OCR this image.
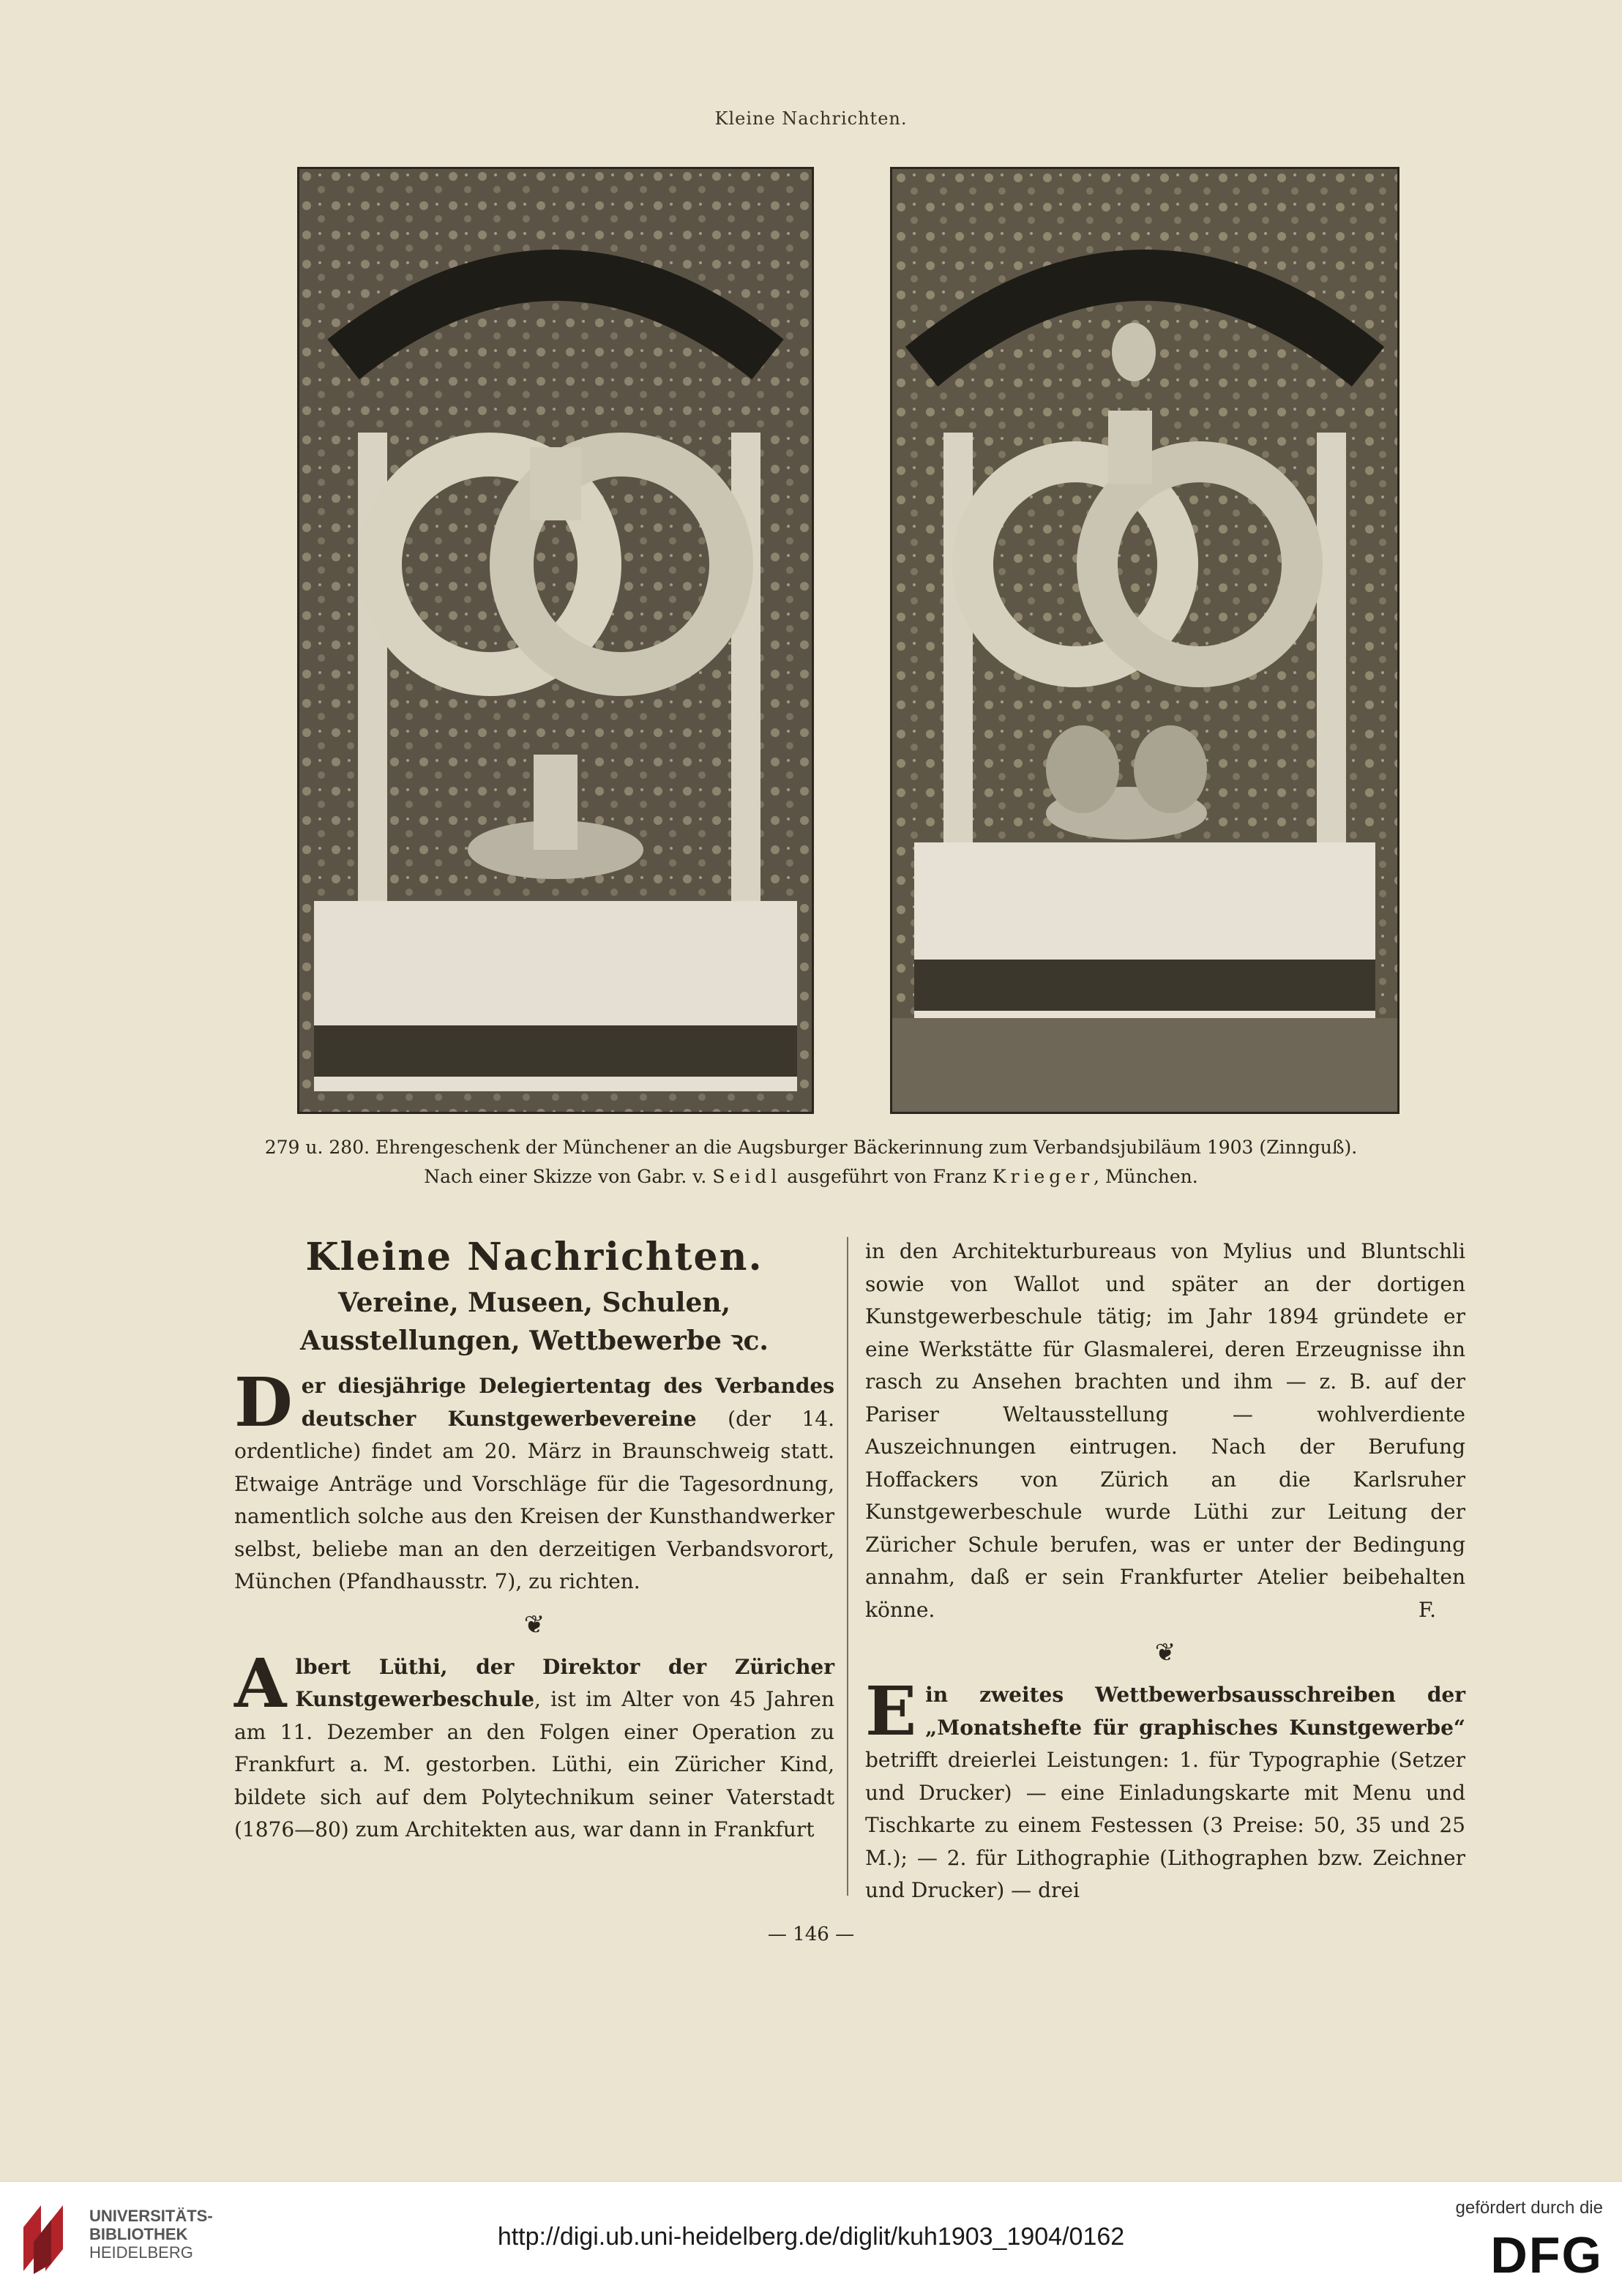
Kleine Nachrichten.
279 u. 280. Ehrengeschenk der Münchener an die Augsburger Bäckerinnung zum Verbandsjubiläum 1903 (Zinnguß).
Nach einer Skizze von Gabr. v. Seidl ausgeführt von Franz Krieger, München.
Kleine Nachrichten.
Vereine, Museen, Schulen, Ausstellungen, Wettbewerbe ꝛc.

Der diesjährige Delegiertentag des Verbandes deutscher Kunstgewerbevereine (der 14. ordentliche) findet am 20. März in Braunschweig statt. Etwaige Anträge und Vorschläge für die Tagesordnung, namentlich solche aus den Kreisen der Kunsthandwerker selbst, beliebe man an den derzeitigen Verbandsvorort, München (Pfandhausstr. 7), zu richten.

❦

Albert Lüthi, der Direktor der Züricher Kunstgewerbeschule, ist im Alter von 45 Jahren am 11. Dezember an den Folgen einer Operation zu Frankfurt a. M. gestorben. Lüthi, ein Züricher Kind, bildete sich auf dem Polytechnikum seiner Vaterstadt (1876—80) zum Architekten aus, war dann in Frankfurt

in den Architekturbureaus von Mylius und Bluntschli sowie von Wallot und später an der dortigen Kunstgewerbeschule tätig; im Jahr 1894 gründete er eine Werkstätte für Glasmalerei, deren Erzeugnisse ihn rasch zu Ansehen brachten und ihm — z. B. auf der Pariser Weltausstellung — wohlverdiente Auszeichnungen eintrugen. Nach der Berufung Hoffackers von Zürich an die Karlsruher Kunstgewerbeschule wurde Lüthi zur Leitung der Züricher Schule berufen, was er unter der Bedingung annahm, daß er sein Frankfurter Atelier beibehalten könne.	F.

❦

Ein zweites Wettbewerbsausschreiben der „Monatshefte für graphisches Kunstgewerbe“ betrifft dreierlei Leistungen: 1. für Typographie (Setzer und Drucker) — eine Einladungskarte mit Menu und Tischkarte zu einem Festessen (3 Preise: 50, 35 und 25 M.); — 2. für Lithographie (Lithographen bzw. Zeichner und Drucker) — drei

— 146 —
UNIVERSITÄTS-
BIBLIOTHEK
HEIDELBERG
http://digi.ub.uni-heidelberg.de/diglit/kuh1903_1904/0162
gefördert durch die
DFG
